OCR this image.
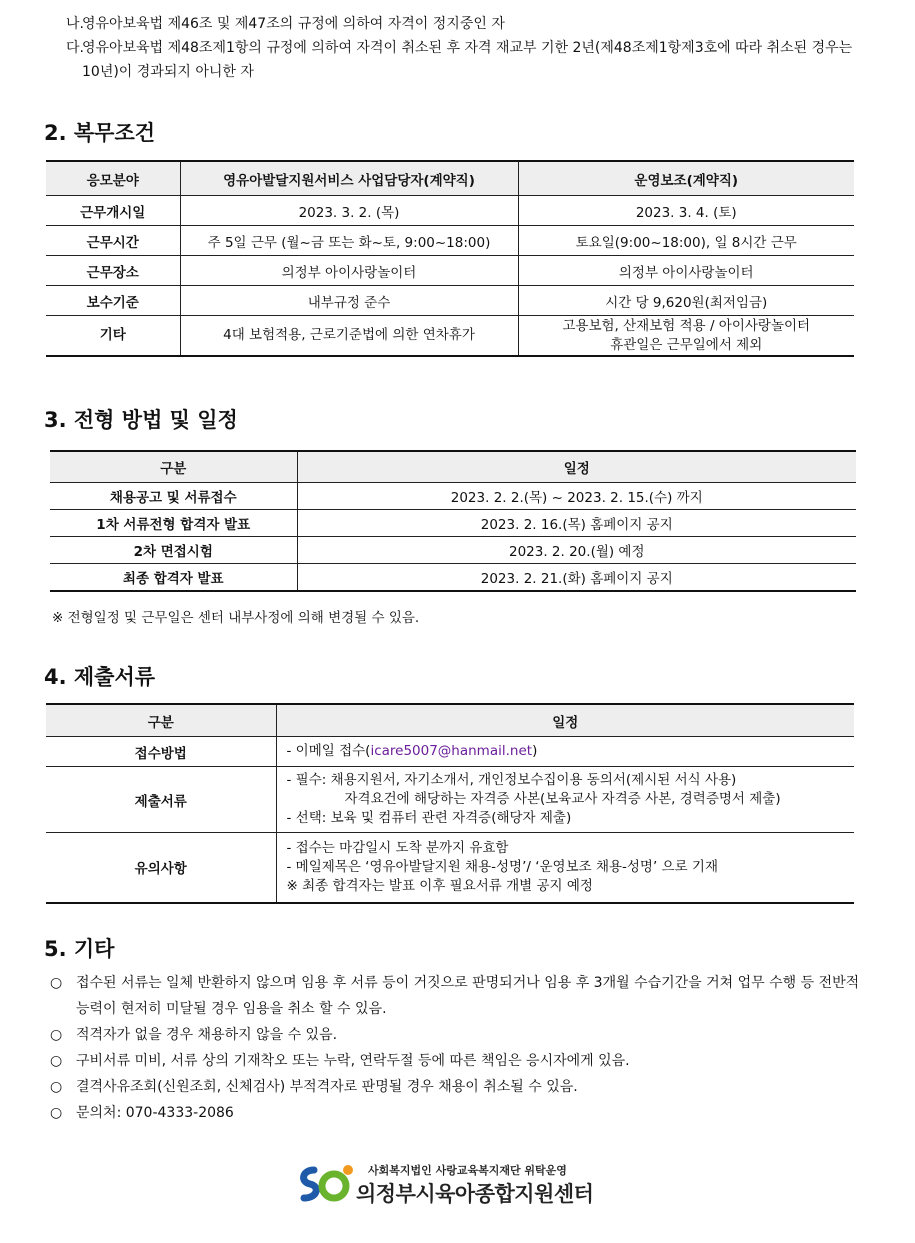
나.
영유아보육법 제46조 및 제47조의 규정에 의하여 자격이 정지중인 자
다.
영유아보육법 제48조제1항의 규정에 의하여 자격이 취소된 후 자격 재교부 기한 2년(제48조제1항제3호에 따라 취소된 경우는 10년)이 경과되지 아니한 자
2. 복무조건
응모분야	영유아발달지원서비스 사업담당자(계약직)	운영보조(계약직)
근무개시일	2023. 3. 2. (목)	2023. 3. 4. (토)
근무시간	주 5일 근무 (월~금 또는 화~토, 9:00~18:00)	토요일(9:00~18:00), 일 8시간 근무
근무장소	의정부 아이사랑놀이터	의정부 아이사랑놀이터
보수기준	내부규정 준수	시간 당 9,620원(최저임금)
기타	4대 보험적용, 근로기준법에 의한 연차휴가	고용보험, 산재보험 적용 / 아이사랑놀이터
휴관일은 근무일에서 제외
3. 전형 방법 및 일정
구분	일정
채용공고 및 서류접수	2023. 2. 2.(목) ~ 2023. 2. 15.(수) 까지
1차 서류전형 합격자 발표	2023. 2. 16.(목) 홈페이지 공지
2차 면접시험	2023. 2. 20.(월) 예정
최종 합격자 발표	2023. 2. 21.(화) 홈페이지 공지
※ 전형일정 및 근무일은 센터 내부사정에 의해 변경될 수 있음.
4. 제출서류
구분	일정
접수방법	- 이메일 접수(icare5007@hanmail.net)
제출서류	- 필수: 채용지원서, 자기소개서, 개인정보수집이용 동의서(제시된 서식 사용)
자격요건에 해당하는 자격증 사본(보육교사 자격증 사본, 경력증명서 제출)
- 선택: 보육 및 컴퓨터 관련 자격증(해당자 제출)

유의사항	- 접수는 마감일시 도착 분까지 유효함
- 메일제목은 ‘영유아발달지원 채용-성명’/ ‘운영보조 채용-성명’ 으로 기재
※ 최종 합격자는 발표 이후 필요서류 개별 공지 예정
5. 기타
○ 접수된 서류는 일체 반환하지 않으며 임용 후 서류 등이 거짓으로 판명되거나 임용 후 3개월 수습기간을 거쳐 업무 수행 등 전반적 능력이 현저히 미달될 경우 임용을 취소 할 수 있음.
○ 적격자가 없을 경우 채용하지 않을 수 있음.
○ 구비서류 미비, 서류 상의 기재착오 또는 누락, 연락두절 등에 따른 책임은 응시자에게 있음.
○ 결격사유조회(신원조회, 신체검사) 부적격자로 판명될 경우 채용이 취소될 수 있음.
○ 문의처: 070-4333-2086
사회복지법인 사랑교육복지재단 위탁운영
의정부시육아종합지원센터
